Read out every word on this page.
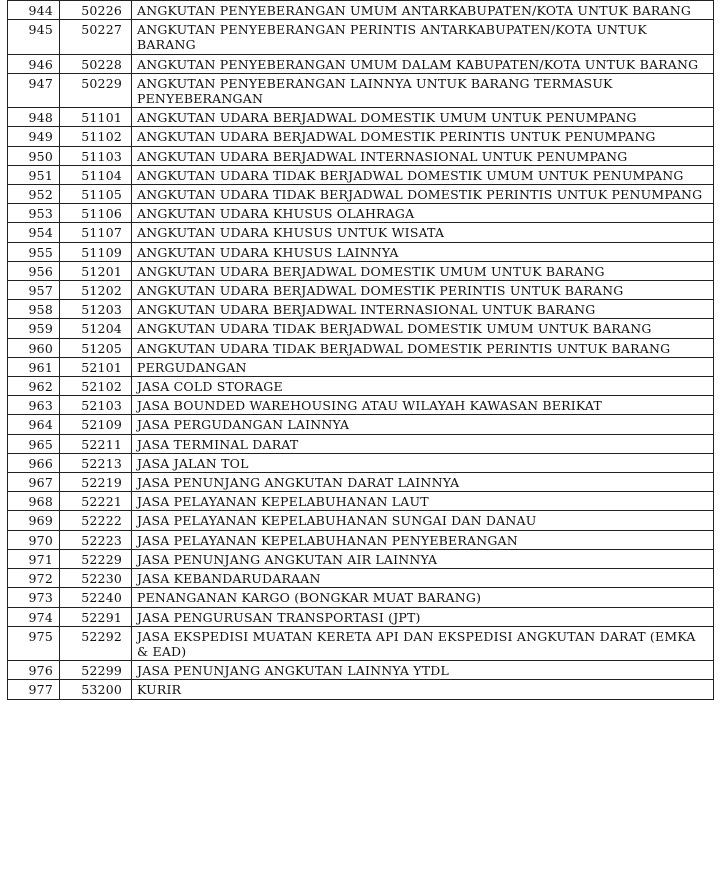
944	50226	ANGKUTAN PENYEBERANGAN UMUM ANTARKABUPATEN/KOTA UNTUK BARANG
945	50227	ANGKUTAN PENYEBERANGAN PERINTIS ANTARKABUPATEN/KOTA UNTUK BARANG
946	50228	ANGKUTAN PENYEBERANGAN UMUM DALAM KABUPATEN/KOTA UNTUK BARANG
947	50229	ANGKUTAN PENYEBERANGAN LAINNYA UNTUK BARANG TERMASUK PENYEBERANGAN
948	51101	ANGKUTAN UDARA BERJADWAL DOMESTIK UMUM UNTUK PENUMPANG
949	51102	ANGKUTAN UDARA BERJADWAL DOMESTIK PERINTIS UNTUK PENUMPANG
950	51103	ANGKUTAN UDARA BERJADWAL INTERNASIONAL UNTUK PENUMPANG
951	51104	ANGKUTAN UDARA TIDAK BERJADWAL DOMESTIK UMUM UNTUK PENUMPANG
952	51105	ANGKUTAN UDARA TIDAK BERJADWAL DOMESTIK PERINTIS UNTUK PENUMPANG
953	51106	ANGKUTAN UDARA KHUSUS OLAHRAGA
954	51107	ANGKUTAN UDARA KHUSUS UNTUK WISATA
955	51109	ANGKUTAN UDARA KHUSUS LAINNYA
956	51201	ANGKUTAN UDARA BERJADWAL DOMESTIK UMUM UNTUK BARANG
957	51202	ANGKUTAN UDARA BERJADWAL DOMESTIK PERINTIS UNTUK BARANG
958	51203	ANGKUTAN UDARA BERJADWAL INTERNASIONAL UNTUK BARANG
959	51204	ANGKUTAN UDARA TIDAK BERJADWAL DOMESTIK UMUM UNTUK BARANG
960	51205	ANGKUTAN UDARA TIDAK BERJADWAL DOMESTIK PERINTIS UNTUK BARANG
961	52101	PERGUDANGAN
962	52102	JASA COLD STORAGE
963	52103	JASA BOUNDED WAREHOUSING ATAU WILAYAH KAWASAN BERIKAT
964	52109	JASA PERGUDANGAN LAINNYA
965	52211	JASA TERMINAL DARAT
966	52213	JASA JALAN TOL
967	52219	JASA PENUNJANG ANGKUTAN DARAT LAINNYA
968	52221	JASA PELAYANAN KEPELABUHANAN LAUT
969	52222	JASA PELAYANAN KEPELABUHANAN SUNGAI DAN DANAU
970	52223	JASA PELAYANAN KEPELABUHANAN PENYEBERANGAN
971	52229	JASA PENUNJANG ANGKUTAN AIR LAINNYA
972	52230	JASA KEBANDARUDARAAN
973	52240	PENANGANAN KARGO (BONGKAR MUAT BARANG)
974	52291	JASA PENGURUSAN TRANSPORTASI (JPT)
975	52292	JASA EKSPEDISI MUATAN KERETA API DAN EKSPEDISI ANGKUTAN DARAT (EMKA & EAD)
976	52299	JASA PENUNJANG ANGKUTAN LAINNYA YTDL
977	53200	KURIR
